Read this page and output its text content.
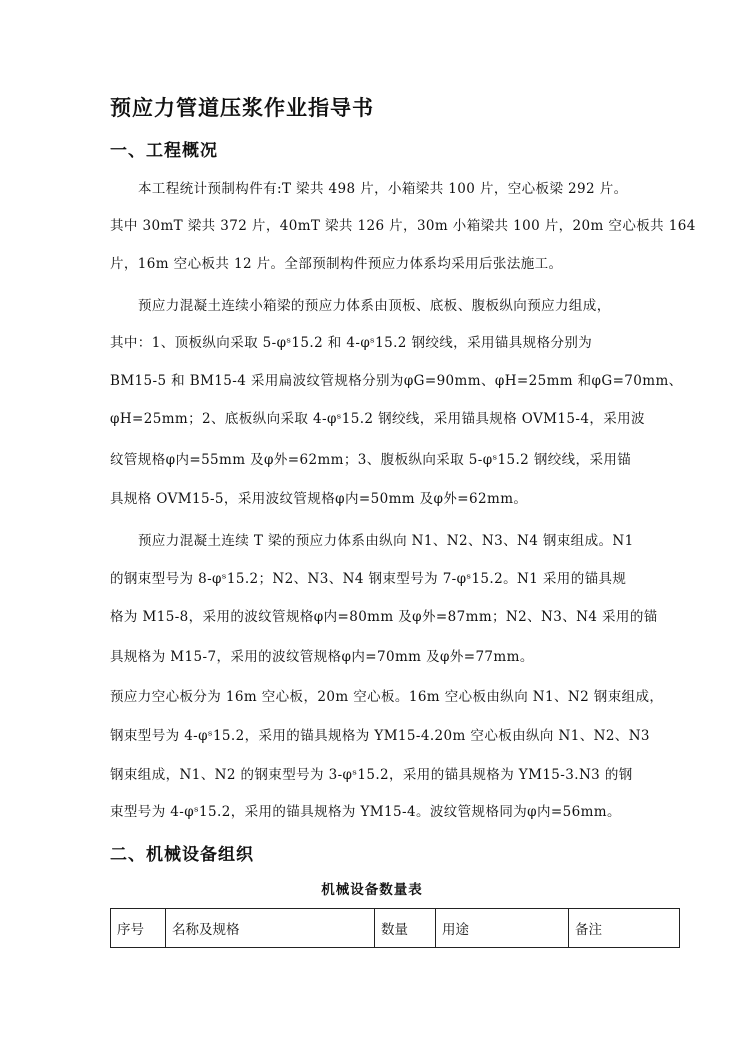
预应力管道压浆作业指导书
一、工程概况
本工程统计预制构件有:T 梁共 498 片，小箱梁共 100 片，空心板梁 292 片。
其中 30mT 梁共 372 片，40mT 梁共 126 片，30m 小箱梁共 100 片，20m 空心板共 164
片，16m 空心板共 12 片。全部预制构件预应力体系均采用后张法施工。
预应力混凝土连续小箱梁的预应力体系由顶板、底板、腹板纵向预应力组成，
其中：1、顶板纵向采取 5-φˢ15.2 和 4-φˢ15.2 钢绞线，采用锚具规格分别为
BM15-5 和 BM15-4 采用扁波纹管规格分别为φG=90mm、φH=25mm 和φG=70mm、
φH=25mm；2、底板纵向采取 4-φˢ15.2 钢绞线，采用锚具规格 OVM15-4，采用波
纹管规格φ内=55mm 及φ外=62mm；3、腹板纵向采取 5-φˢ15.2 钢绞线，采用锚
具规格 OVM15-5，采用波纹管规格φ内=50mm 及φ外=62mm。
预应力混凝土连续 T 梁的预应力体系由纵向 N1、N2、N3、N4 钢束组成。N1
的钢束型号为 8-φˢ15.2；N2、N3、N4 钢束型号为 7-φˢ15.2。N1 采用的锚具规
格为 M15-8，采用的波纹管规格φ内=80mm 及φ外=87mm；N2、N3、N4 采用的锚
具规格为 M15-7，采用的波纹管规格φ内=70mm 及φ外=77mm。
预应力空心板分为 16m 空心板，20m 空心板。16m 空心板由纵向 N1、N2 钢束组成，
钢束型号为 4-φˢ15.2，采用的锚具规格为 YM15-4.20m 空心板由纵向 N1、N2、N3
钢束组成，N1、N2 的钢束型号为 3-φˢ15.2，采用的锚具规格为 YM15-3.N3 的钢
束型号为 4-φˢ15.2，采用的锚具规格为 YM15-4。波纹管规格同为φ内=56mm。
二、机械设备组织
机械设备数量表
序号	名称及规格	数量	用途	备注
